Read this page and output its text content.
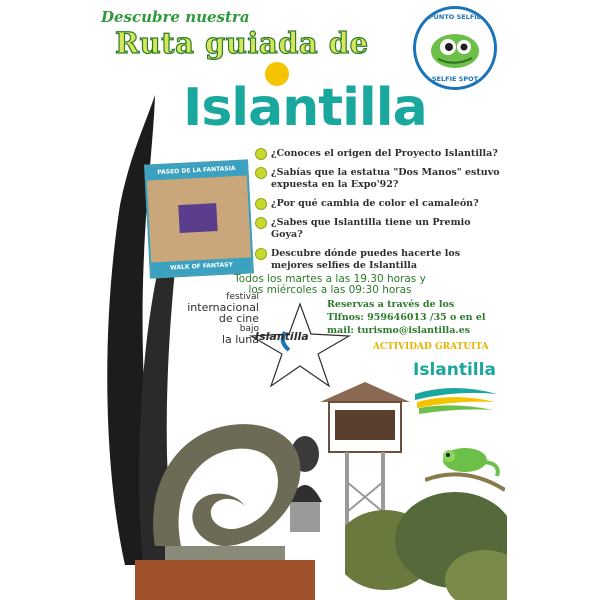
Descubre nuestra
Ruta guiada de
Islantilla
PUNTO SELFIE
SELFIE SPOT
PASEO DE LA FANTASIA
WALK OF FANTASY
¿Conoces el origen del Proyecto Islantilla?
¿Sabías que la estatua "Dos Manos" estuvo expuesta en la Expo'92?
¿Por qué cambia de color el camaleón?
¿Sabes que Islantilla tiene un Premio Goya?
Descubre dónde puedes hacerte los mejores selfies de Islantilla
Todos los martes a las 19.30 horas y
los miércoles a las 09:30 horas
Reservas a través de los
Tlfnos: 959646013 /35 o en el
mail: turismo@islantilla.es
ACTIVIDAD GRATUITA
festival
internacional
de cine
bajo
la luna
Islantilla
Islantilla
